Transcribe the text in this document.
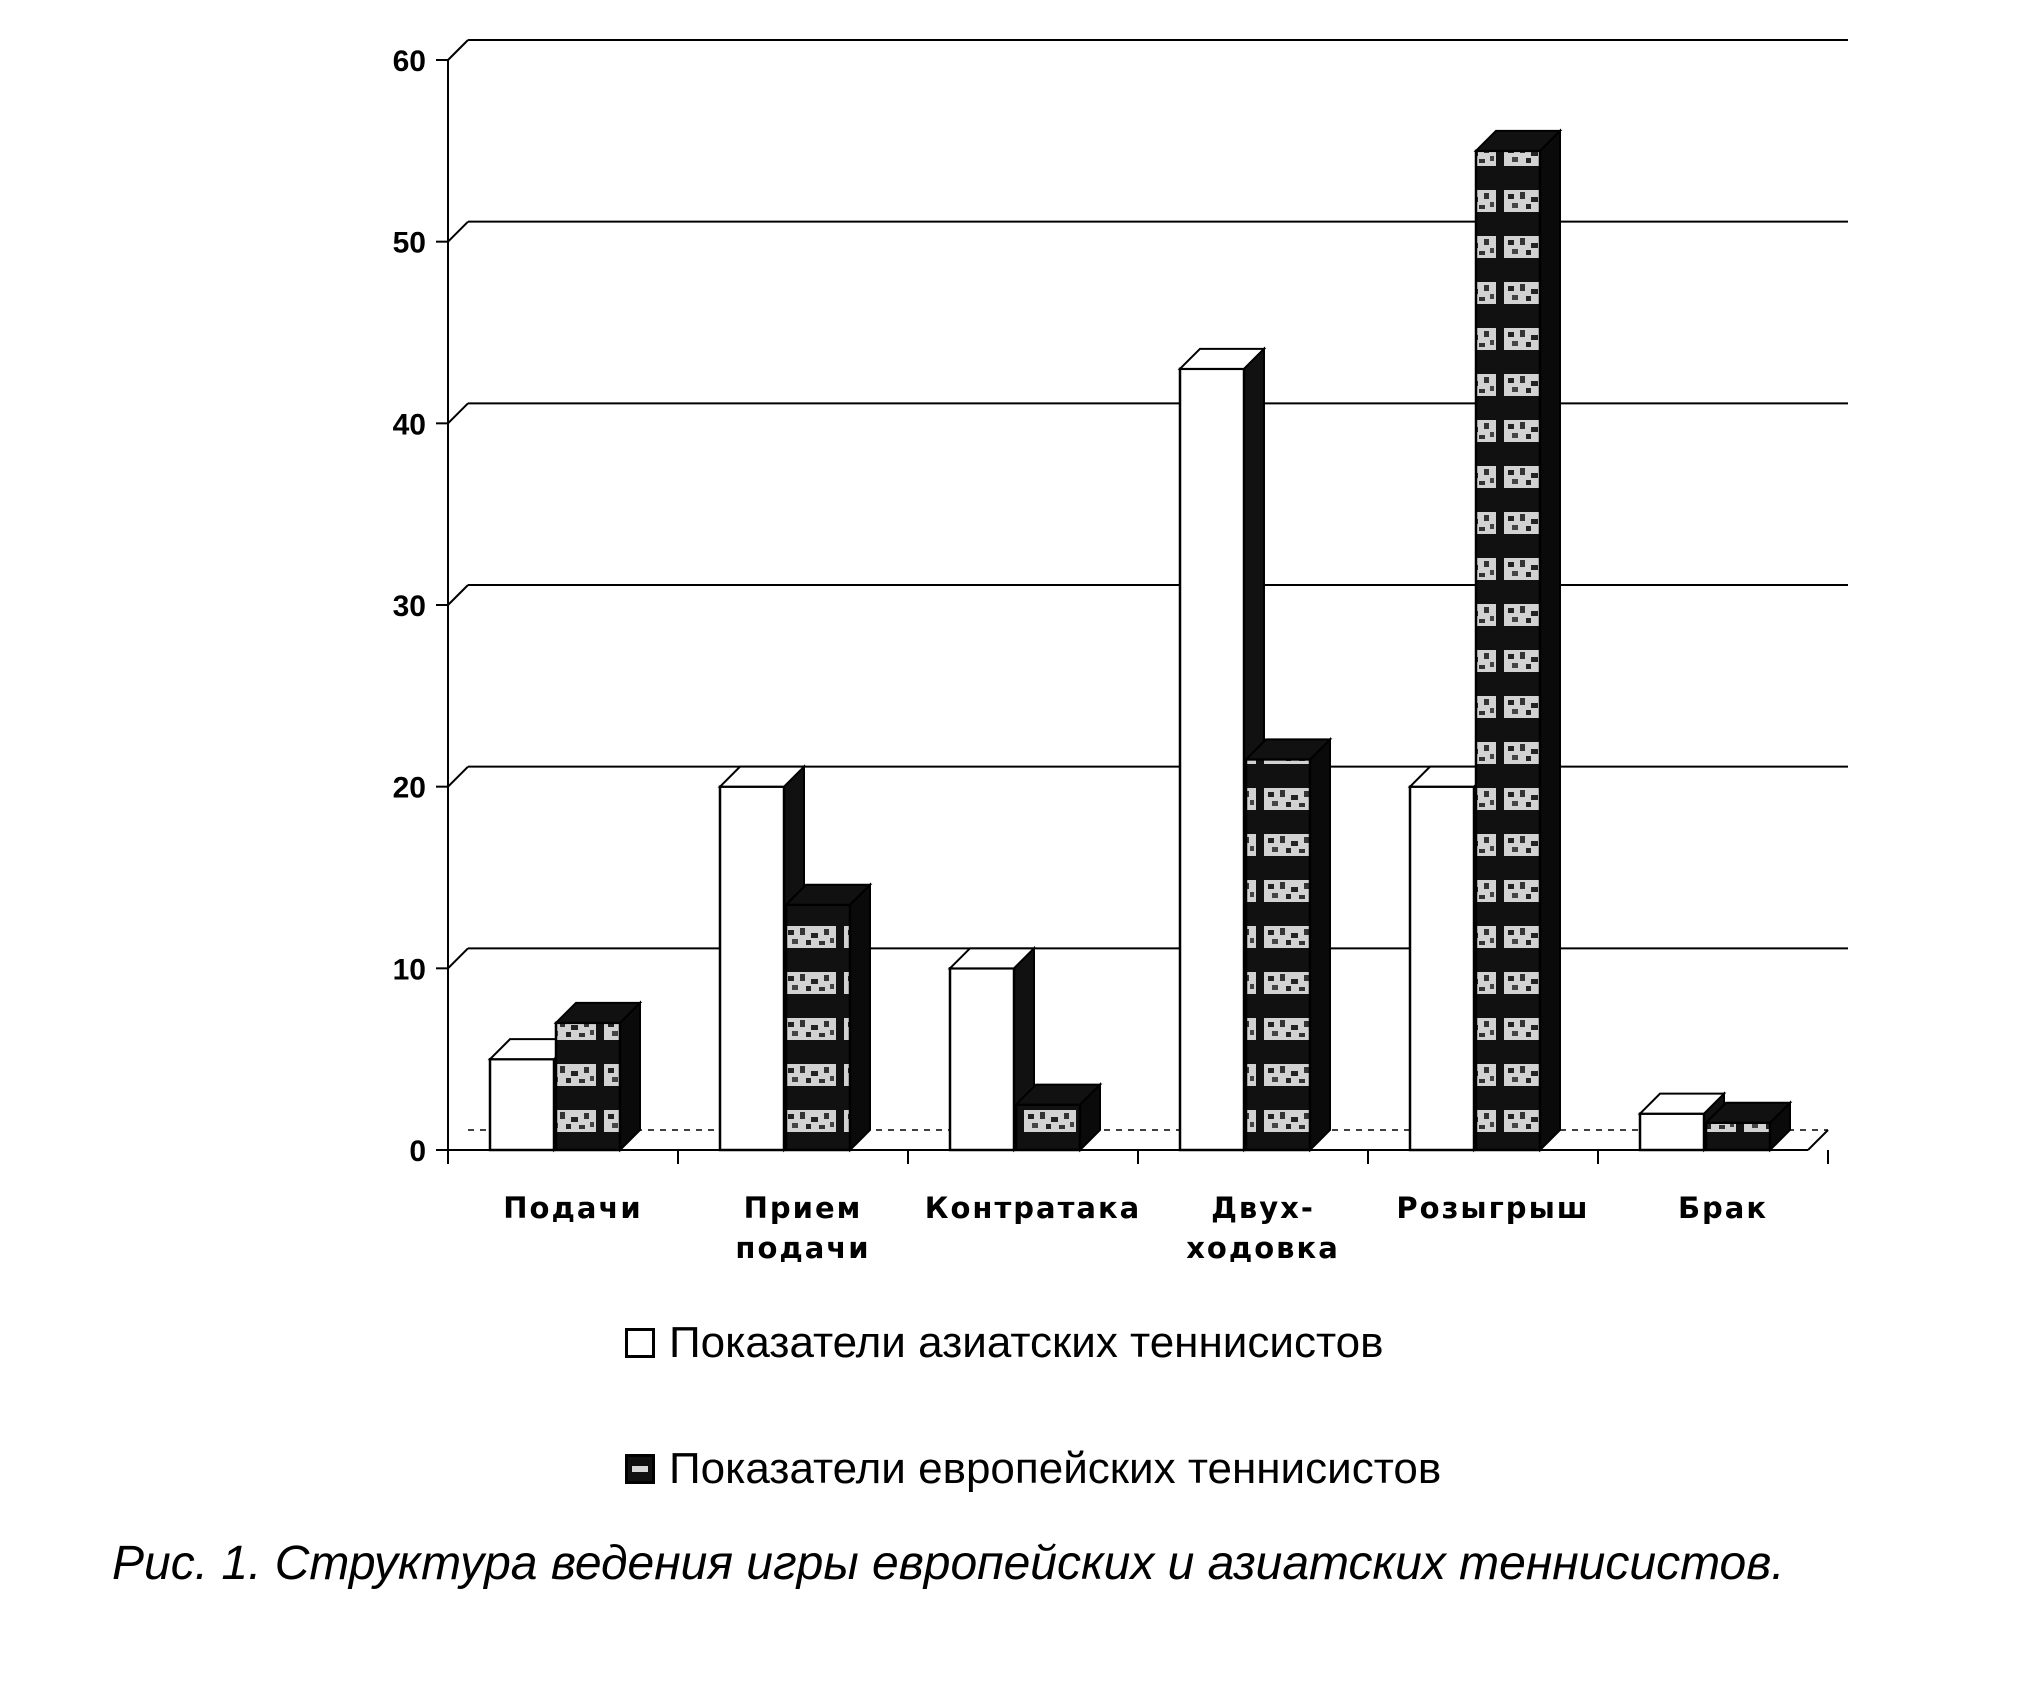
0
10
20
30
40
50
60
Подачи	Прием
подачи
Контратака Двух-
ходовка
Розыгрыш	Брак
Показатели азиатских теннисистов
Показатели европейских теннисистов
Рис. 1. Структура ведения игры европейских и азиатских теннисистов.
